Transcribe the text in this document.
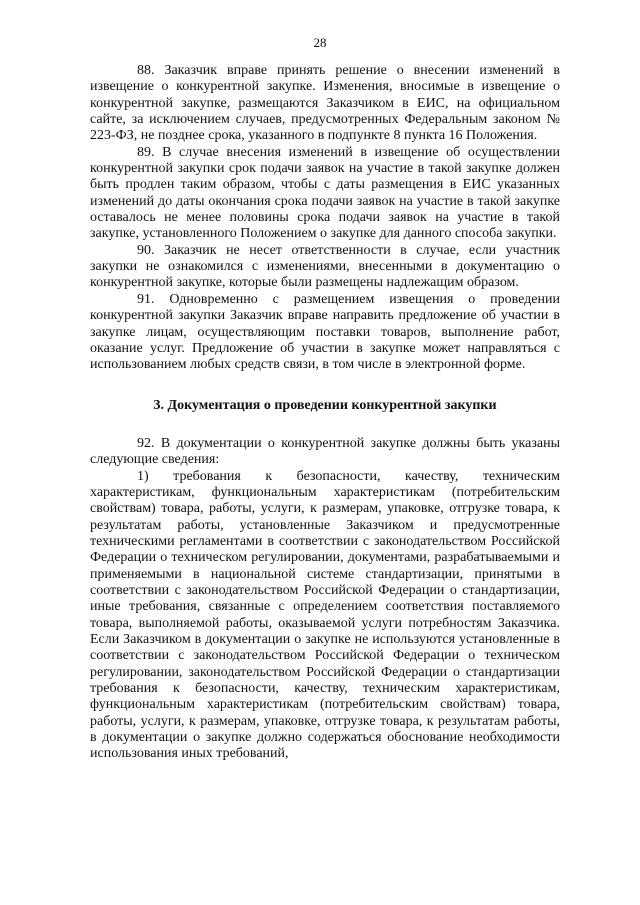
28

88. Заказчик вправе принять решение о внесении изменений в извещение о конкурентной закупке. Изменения, вносимые в извещение о конкурентной закупке, размещаются Заказчиком в ЕИС, на официальном сайте, за исключением случаев, предусмотренных Федеральным законом № 223-ФЗ, не позднее срока, указанного в подпункте 8 пункта 16 Положения.

89. В случае внесения изменений в извещение об осуществлении конкурентной закупки срок подачи заявок на участие в такой закупке должен быть продлен таким образом, чтобы с даты размещения в ЕИС указанных изменений до даты окончания срока подачи заявок на участие в такой закупке оставалось не менее половины срока подачи заявок на участие в такой закупке, установленного Положением о закупке для данного способа закупки.

90. Заказчик не несет ответственности в случае, если участник закупки не ознакомился с изменениями, внесенными в документацию о конкурентной закупке, которые были размещены надлежащим образом.

91. Одновременно с размещением извещения о проведении конкурентной закупки Заказчик вправе направить предложение об участии в закупке лицам, осуществляющим поставки товаров, выполнение работ, оказание услуг. Предложение об участии в закупке может направляться с использованием любых средств связи, в том числе в электронной форме.

3. Документация о проведении конкурентной закупки

92. В документации о конкурентной закупке должны быть указаны следующие сведения:

1) требования к безопасности, качеству, техническим характеристикам, функциональным характеристикам (потребительским свойствам) товара, работы, услуги, к размерам, упаковке, отгрузке товара, к результатам работы, установленные Заказчиком и предусмотренные техническими регламентами в соответствии с законодательством Российской Федерации о техническом регулировании, документами, разрабатываемыми и применяемыми в национальной системе стандартизации, принятыми в соответствии с законодательством Российской Федерации о стандартизации, иные требования, связанные с определением соответствия поставляемого товара, выполняемой работы, оказываемой услуги потребностям Заказчика. Если Заказчиком в документации о закупке не используются установленные в соответствии с законодательством Российской Федерации о техническом регулировании, законодательством Российской Федерации о стандартизации требования к безопасности, качеству, техническим характеристикам, функциональным характеристикам (потребительским свойствам) товара, работы, услуги, к размерам, упаковке, отгрузке товара, к результатам работы, в документации о закупке должно содержаться обоснование необходимости использования иных требований,
